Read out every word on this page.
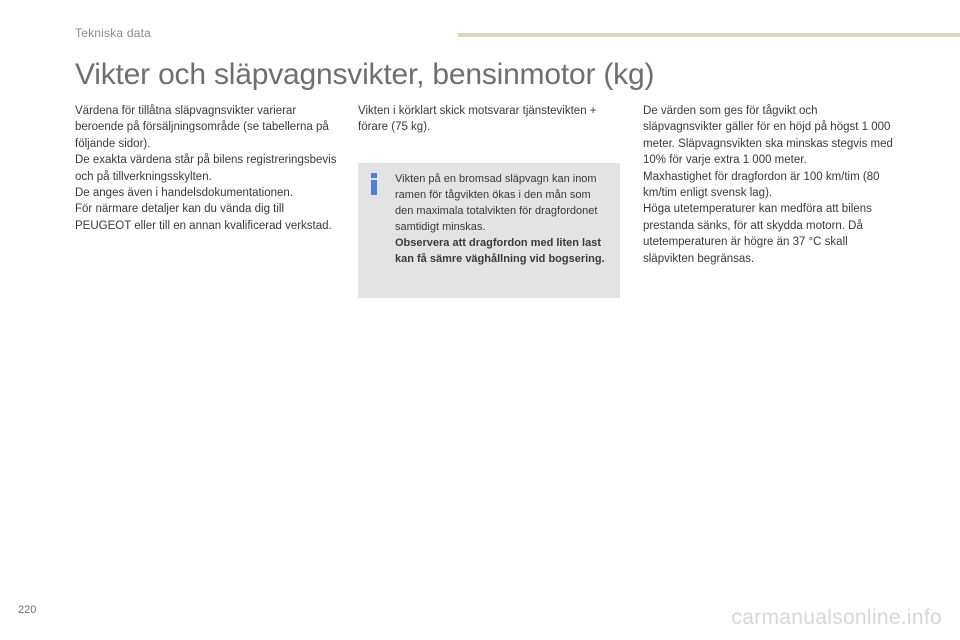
Tekniska data
Vikter och släpvagnsvikter, bensinmotor (kg)

Värdena för tillåtna släpvagnsvikter varierar beroende på försäljningsområde (se tabellerna på följande sidor).

De exakta värdena står på bilens registreringsbevis och på tillverkningsskylten.

De anges även i handelsdokumentationen.

För närmare detaljer kan du vända dig till PEUGEOT eller till en annan kvalificerad verkstad.

Vikten i körklart skick motsvarar tjänstevikten + förare (75 kg).

Vikten på en bromsad släpvagn kan inom ramen för tågvikten ökas i den mån som den maximala totalvikten för dragfordonet samtidigt minskas.

Observera att dragfordon med liten last kan få sämre väghållning vid bogsering.

De värden som ges för tågvikt och släpvagnsvikter gäller för en höjd på högst 1 000 meter. Släpvagnsvikten ska minskas stegvis med 10% för varje extra 1 000 meter.

Maxhastighet för dragfordon är 100 km/tim (80 km/tim enligt svensk lag).

Höga utetemperaturer kan medföra att bilens prestanda sänks, för att skydda motorn. Då utetemperaturen är högre än 37 °C skall släpvikten begränsas.

220	carmanualsonline.info
